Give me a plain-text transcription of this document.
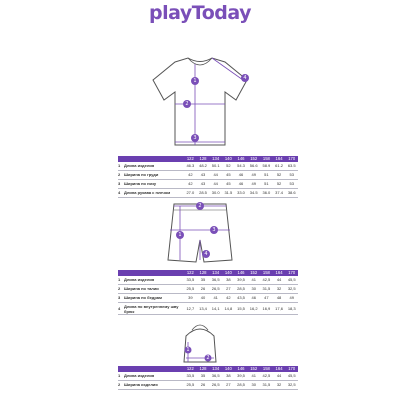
playToday
1
2
3
4
122	128	134	140	146	152	158	164	170
1 Длина изделия	46.3	48.2	50.1	52	54.3	56.6	58.9	61.2	63.5
2 Ширина по груди	42	43	44	45	46	49	51	52	53
3 Ширина по низу	42	43	44	45	46	49	51	52	53
4 Длина рукава с плечом	27.0	28.5	30.0	31.5	33.0	34.5	36.0	37.4	38.6
1
2
3
4
122	128	134	140	146	152	158	164	170
1 Длина изделия	33,5	35	36,5	38	39,5	41	42,5	44	45,5
2 Ширина по талии	25,5	26	26,5	27	28,5	30	31,5	32	32,5
3 Ширина по бедрам	39	40	41	42	43,5	46	47	48	49
4 Длина по внутреннему шву брюк	12,7	13,4	14,1	14,8	15,5	16,2	16,9	17,6	18,3
1
2
122	128	134	140	146	152	158	164	170
1 Длина изделия	33,5	35	36,5	38	39,5	41	42,5	44	45,5
2 Ширина изделия	25,5	26	26,5	27	28,5	30	31,5	32	32,5
